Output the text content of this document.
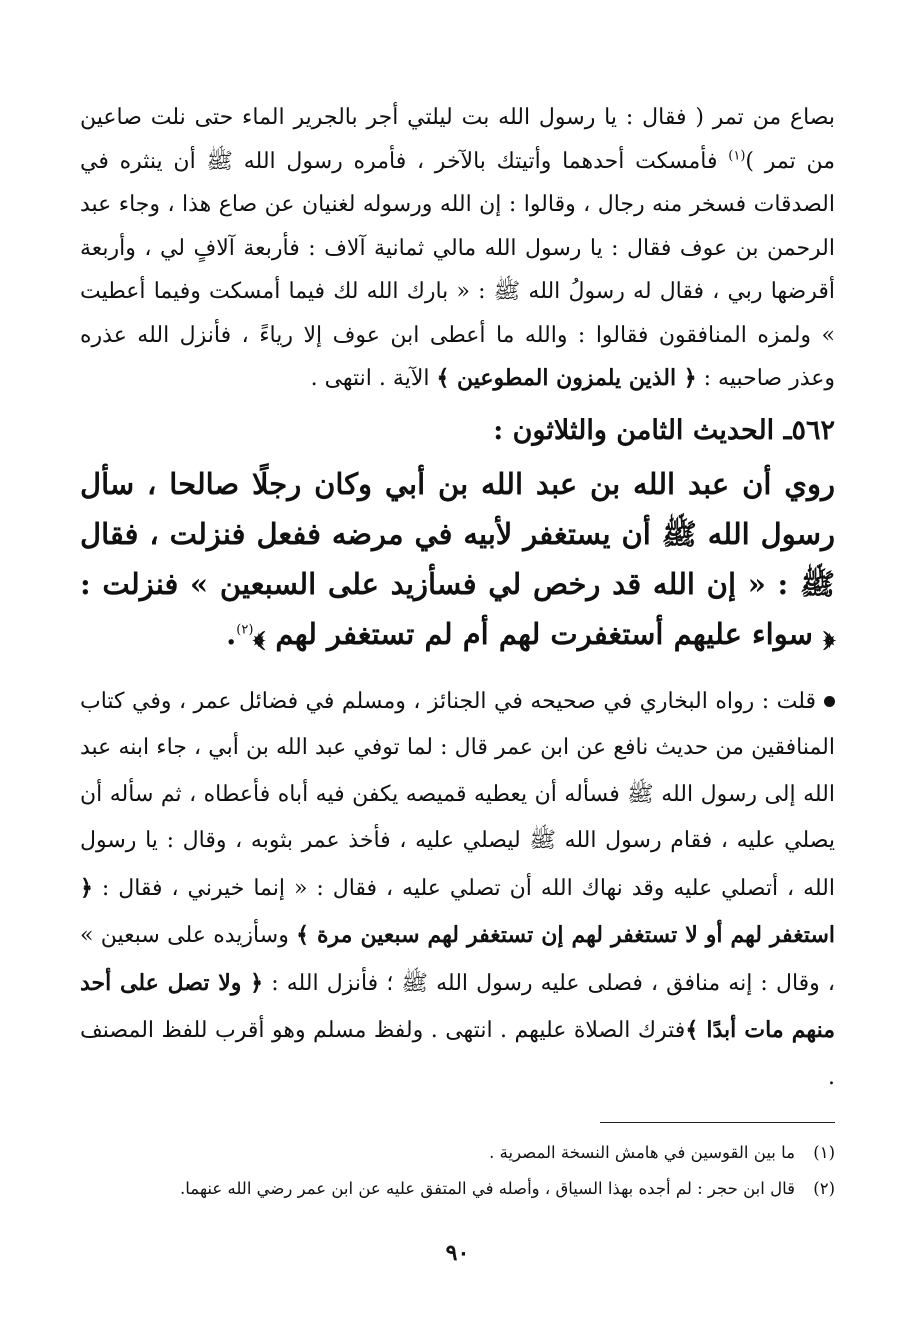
بصاع من تمر ( فقال : يا رسول الله بت ليلتي أجر بالجرير الماء حتى نلت صاعين من تمر )$^{(١)}$ فأمسكت أحدهما وأتيتك بالآخر ، فأمره رسول الله ﷺ أن ينثره في الصدقات فسخر منه رجال ، وقالوا : إن الله ورسوله لغنيان عن صاع هذا ، وجاء عبد الرحمن بن عوف فقال : يا رسول الله مالي ثمانية آلاف : فأربعة آلافٍ لي ، وأربعة أقرضها ربي ، فقال له رسولُ الله ﷺ : « بارك الله لك فيما أمسكت وفيما أعطيت » ولمزه المنافقون فقالوا : والله ما أعطى ابن عوف إلا رياءً ، فأنزل الله عذره وعذر صاحبيه : ﴿ الذين يلمزون المطوعين ﴾ الآية . انتهى .

٥٦٢ـ الحديث الثامن والثلاثون :

روي أن عبد الله بن عبد الله بن أبي وكان رجلًا صالحا ، سأل رسول الله ﷺ أن يستغفر لأبيه في مرضه ففعل فنزلت ، فقال ﷺ : « إن الله قد رخص لي فسأزيد على السبعين » فنزلت : ﴿ سواء عليهم أستغفرت لهم أم لم تستغفر لهم ﴾$^{(٢)}$.

قلت : رواه البخاري في صحيحه في الجنائز ، ومسلم في فضائل عمر ، وفي كتاب المنافقين من حديث نافع عن ابن عمر قال : لما توفي عبد الله بن أبي ، جاء ابنه عبد الله إلى رسول الله ﷺ فسأله أن يعطيه قميصه يكفن فيه أباه فأعطاه ، ثم سأله أن يصلي عليه ، فقام رسول الله ﷺ ليصلي عليه ، فأخذ عمر بثوبه ، وقال : يا رسول الله ، أتصلي عليه وقد نهاك الله أن تصلي عليه ، فقال : « إنما خيرني ، فقال : ﴿ استغفر لهم أو لا تستغفر لهم إن تستغفر لهم سبعين مرة ﴾ وسأزيده على سبعين » ، وقال : إنه منافق ، فصلى عليه رسول الله ﷺ ؛ فأنزل الله : ﴿ ولا تصل على أحد منهم مات أبدًا ﴾فترك الصلاة عليهم . انتهى . ولفظ مسلم وهو أقرب للفظ المصنف .

(١)
ما بين القوسين في هامش النسخة المصرية .
(٢)
قال ابن حجر : لم أجده بهذا السياق ، وأصله في المتفق عليه عن ابن عمر رضي الله عنهما.
٩٠
